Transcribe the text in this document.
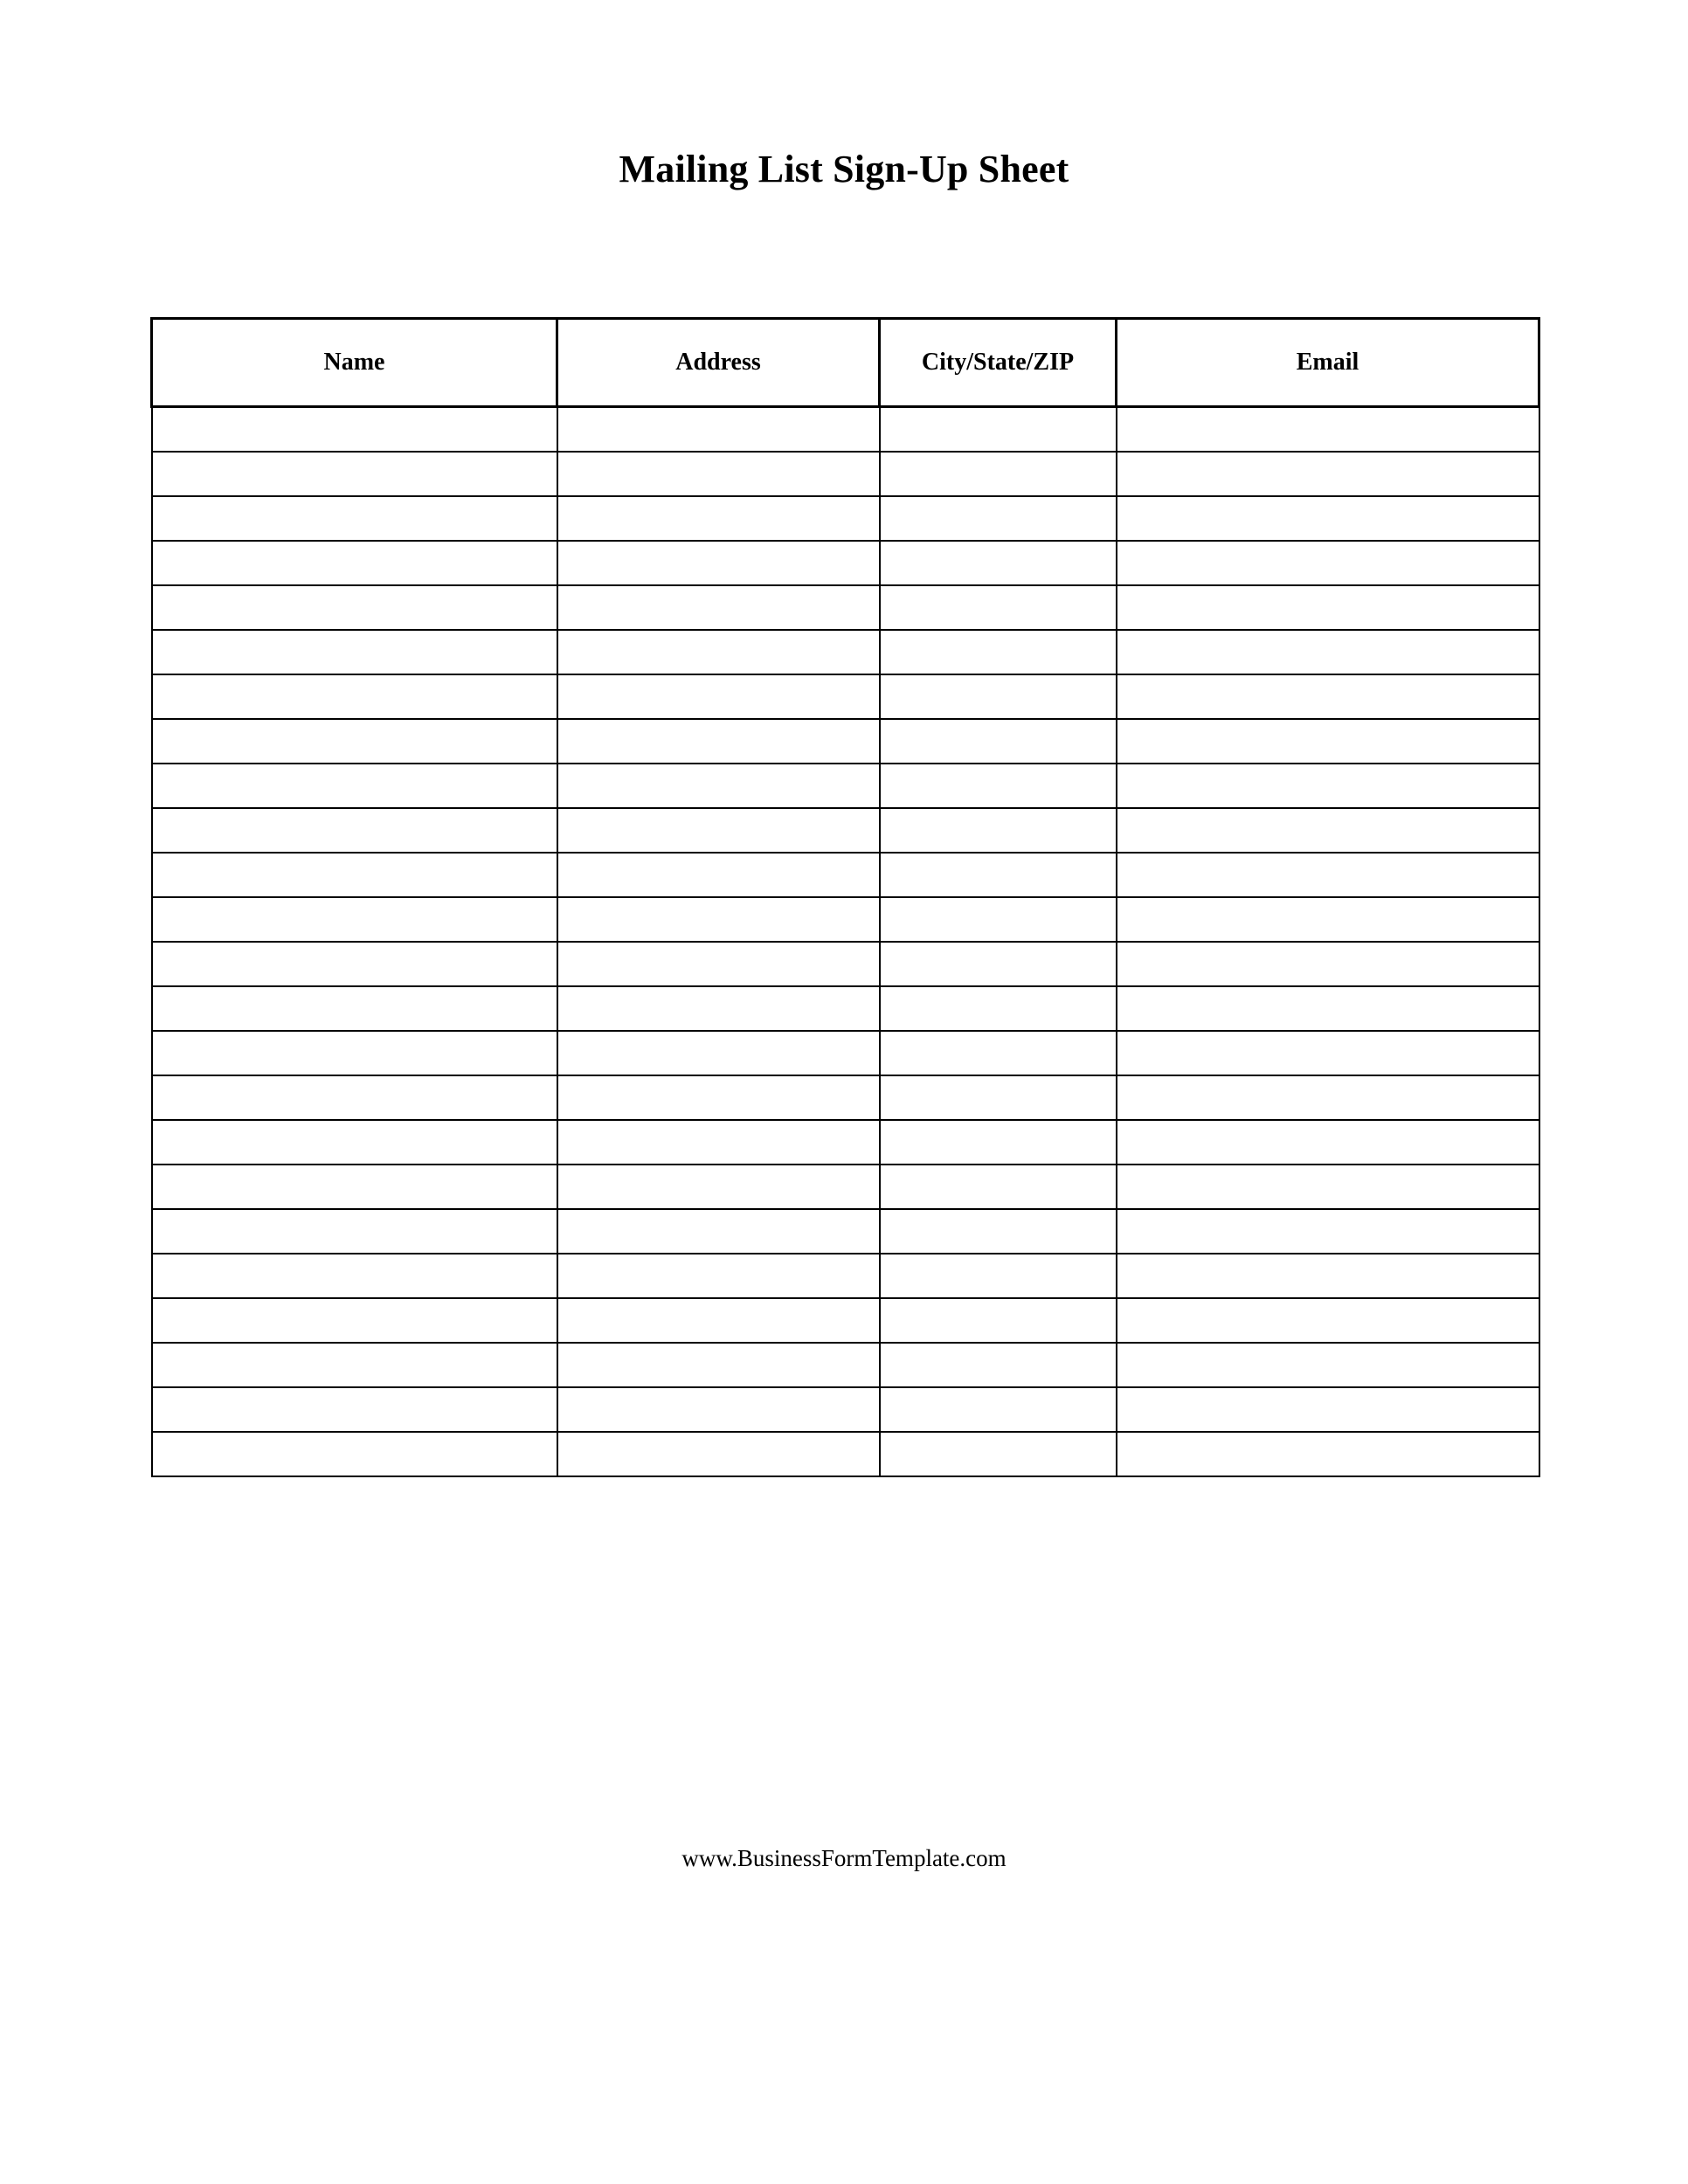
Mailing List Sign-Up Sheet
Name	Address	City/State/ZIP	Email

www.BusinessFormTemplate.com
